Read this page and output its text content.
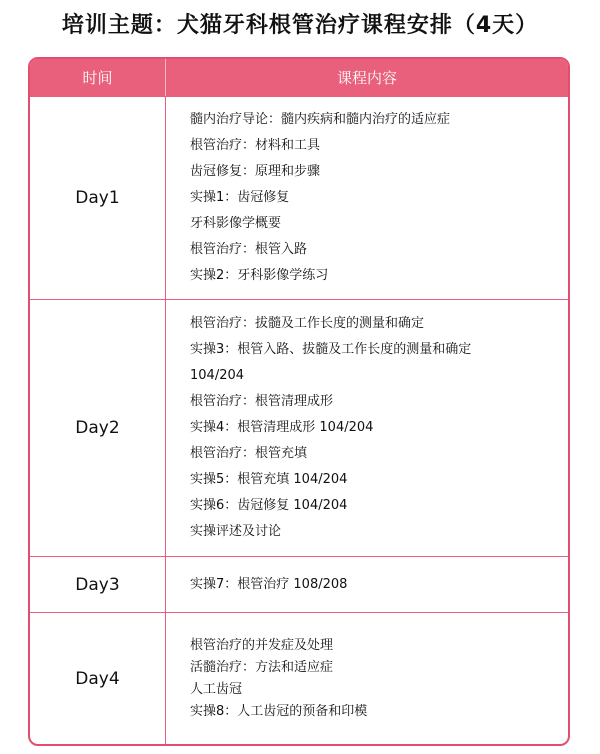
培训主题：犬猫牙科根管治疗课程安排（4天）
时间	课程内容
Day1
髓内治疗导论：髓内疾病和髓内治疗的适应症
根管治疗：材料和工具
齿冠修复：原理和步骤
实操1：齿冠修复
牙科影像学概要
根管治疗：根管入路
实操2：牙科影像学练习
Day2
根管治疗：拔髓及工作长度的测量和确定
实操3：根管入路、拔髓及工作长度的测量和确定
104/204
根管治疗：根管清理成形
实操4：根管清理成形 104/204
根管治疗：根管充填
实操5：根管充填 104/204
实操6：齿冠修复 104/204
实操评述及讨论
Day3	实操7：根管治疗 108/208
Day4
根管治疗的并发症及处理
活髓治疗：方法和适应症
人工齿冠
实操8：人工齿冠的预备和印模
